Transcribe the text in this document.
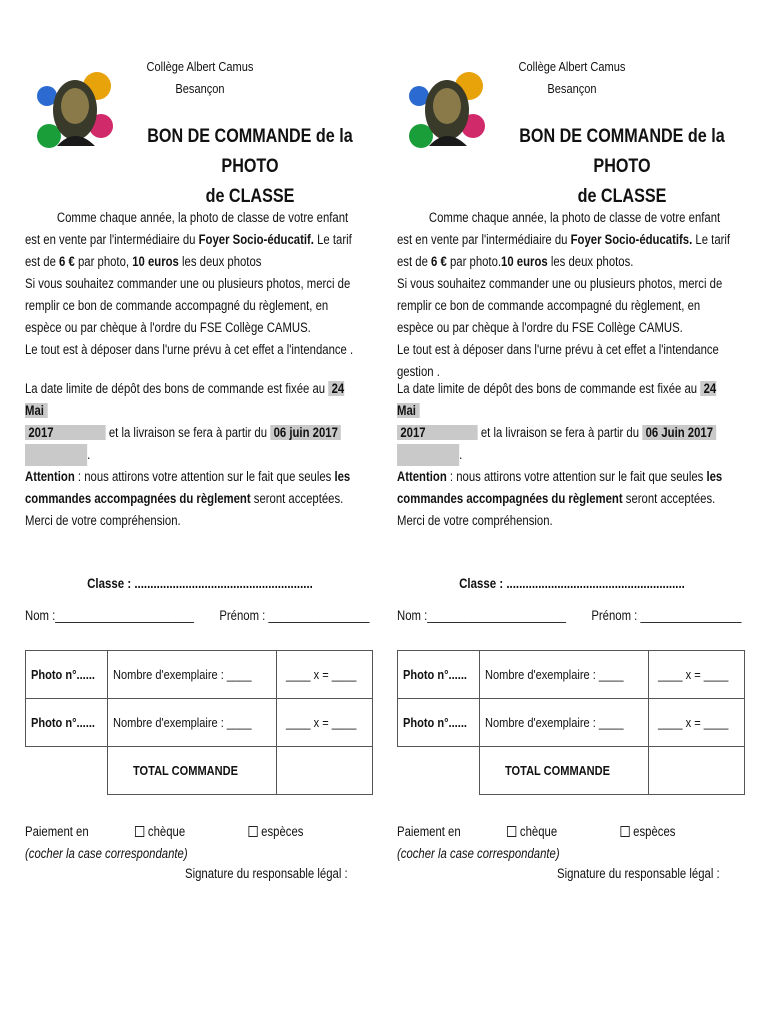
Collège Albert Camus
Besançon
BON DE COMMANDE de la PHOTO
de CLASSE
Comme chaque année, la photo de classe de votre enfant est en vente par l'intermédiaire du Foyer Socio-éducatif. Le tarif est de 6 € par photo, 10 euros les deux photos
Si vous souhaitez commander une ou plusieurs photos, merci de remplir ce bon de commande accompagné du règlement, en espèce ou par chèque à l'ordre du FSE Collège CAMUS.
Le tout est à déposer dans l'urne prévu à cet effet a l'intendance .
La date limite de dépôt des bons de commande est fixée au 24 Mai
2017	et la livraison se fera à partir du 06 juin 2017
.
Attention : nous attirons votre attention sur le fait que seules les commandes accompagnées du règlement seront acceptées. Merci de votre compréhension.
Classe : ........................................................
Nom :______________________ Prénom : ________________
Photo n°......	Nombre d'exemplaire : ____	____ x = ____
Photo n°......	Nombre d'exemplaire : ____	____ x = ____
	TOTAL COMMANDE	
Paiement en	chèque	espèces
(cocher la case correspondante)
Signature du responsable légal :
Collège Albert Camus
Besançon
BON DE COMMANDE de la PHOTO
de CLASSE
Comme chaque année, la photo de classe de votre enfant est en vente par l'intermédiaire du Foyer Socio-éducatifs. Le tarif est de 6 € par photo.10 euros les deux photos.
Si vous souhaitez commander une ou plusieurs photos, merci de remplir ce bon de commande accompagné du règlement, en espèce ou par chèque à l'ordre du FSE Collège CAMUS.
Le tout est à déposer dans l'urne prévu à cet effet a l'intendance gestion .
La date limite de dépôt des bons de commande est fixée au 24 Mai
2017	et la livraison se fera à partir du 06 Juin 2017
.
Attention : nous attirons votre attention sur le fait que seules les commandes accompagnées du règlement seront acceptées. Merci de votre compréhension.
Classe : ........................................................
Nom :______________________ Prénom : ________________
Photo n°......	Nombre d'exemplaire : ____	____ x = ____
Photo n°......	Nombre d'exemplaire : ____	____ x = ____
	TOTAL COMMANDE	
Paiement en	chèque	espèces
(cocher la case correspondante)
Signature du responsable légal :
